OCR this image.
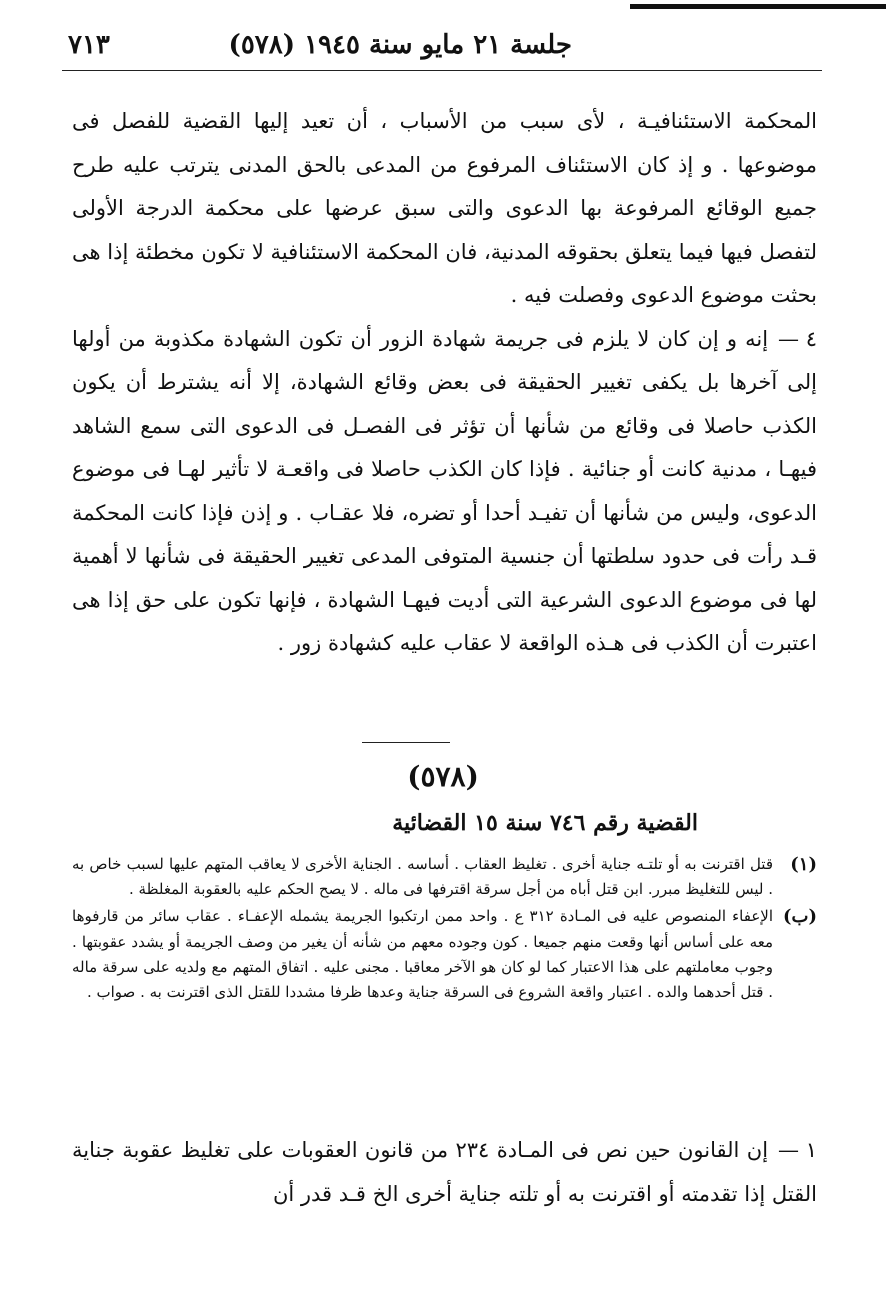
جلسة ٢١ مايو سنة ١٩٤٥ (٥٧٨)
٧١٣

المحكمة الاستئنافيـة ، لأى سبب من الأسباب ، أن تعيد إليها القضية للفصل فى موضوعها . و إذ كان الاستئناف المرفوع من المدعى بالحق المدنى يترتب عليه طرح جميع الوقائع المرفوعة بها الدعوى والتى سبق عرضها على محكمة الدرجة الأولى لتفصل فيها فيما يتعلق بحقوقه المدنية، فان المحكمة الاستئنافية لا تكون مخطئة إذا هى بحثت موضوع الدعوى وفصلت فيه .

٤ —إنه و إن كان لا يلزم فى جريمة شهادة الزور أن تكون الشهادة مكذوبة من أولها إلى آخرها بل يكفى تغيير الحقيقة فى بعض وقائع الشهادة، إلا أنه يشترط أن يكون الكذب حاصلا فى وقائع من شأنها أن تؤثر فى الفصـل فى الدعوى التى سمع الشاهد فيهـا ، مدنية كانت أو جنائية . فإذا كان الكذب حاصلا فى واقعـة لا تأثير لهـا فى موضوع الدعوى، وليس من شأنها أن تفيـد أحدا أو تضره، فلا عقـاب . و إذن فإذا كانت المحكمة قـد رأت فى حدود سلطتها أن جنسية المتوفى المدعى تغيير الحقيقة فى شأنها لا أهمية لها فى موضوع الدعوى الشرعية التى أديت فيهـا الشهادة ، فإنها تكون على حق إذا هى اعتبرت أن الكذب فى هـذه الواقعة لا عقاب عليه كشهادة زور .

(٥٧٨)
القضية رقم ٧٤٦ سنة ١٥ القضائية

(١)
قتل اقترنت به أو تلتـه جناية أخرى . تغليظ العقاب . أساسه . الجناية الأخرى لا يعاقب المتهم عليها لسبب خاص به . ليس للتغليظ مبرر. ابن قتل أباه من أجل سرقة اقترفها فى ماله . لا يصح الحكم عليه بالعقوبة المغلظة .

(ب)
الإعفاء المنصوص عليه فى المـادة ٣١٢ ع . واحد ممن ارتكبوا الجريمة يشمله الإعفـاء . عقاب سائر من قارفوها معه على أساس أنها وقعت منهم جميعا . كون وجوده معهم من شأنه أن يغير من وصف الجريمة أو يشدد عقوبتها . وجوب معاملتهم على هذا الاعتبار كما لو كان هو الآخر معاقبا . مجنى عليه . اتفاق المتهم مع ولديه على سرقة ماله . قتل أحدهما والده . اعتبار واقعة الشروع فى السرقة جناية وعدها ظرفا مشددا للقتل الذى اقترنت به . صواب .

١ —إن القانون حين نص فى المـادة ٢٣٤ من قانون العقوبات على تغليظ عقوبة جناية القتل إذا تقدمته أو اقترنت به أو تلته جناية أخرى الخ قـد قدر أن
